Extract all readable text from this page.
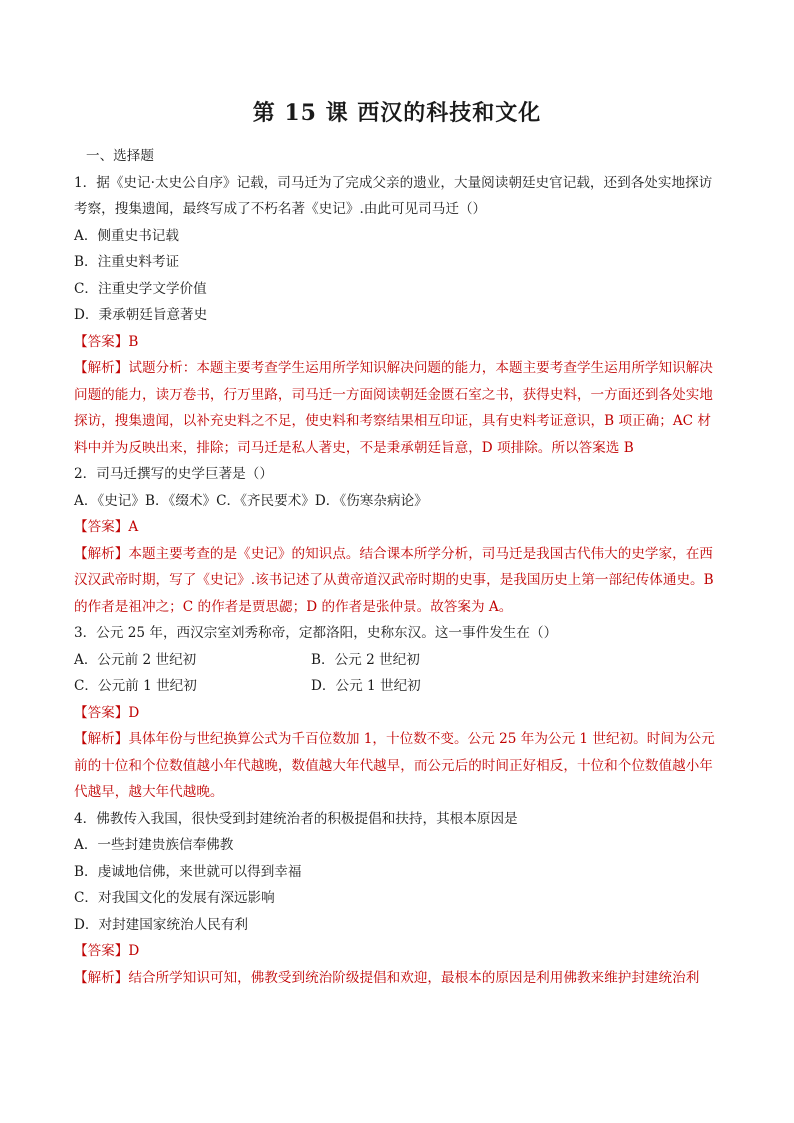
第 15 课 西汉的科技和文化

一、选择题

1．据《史记·太史公自序》记载，司马迁为了完成父亲的遗业，大量阅读朝廷史官记载，还到各处实地探访考察，搜集遗闻，最终写成了不朽名著《史记》.由此可见司马迁（）

A．侧重史书记载

B．注重史料考证

C．注重史学文学价值

D．秉承朝廷旨意著史

【答案】B

【解析】试题分析：本题主要考查学生运用所学知识解决问题的能力，本题主要考查学生运用所学知识解决问题的能力，读万卷书，行万里路，司马迁一方面阅读朝廷金匮石室之书，获得史料，一方面还到各处实地探访，搜集遗闻，以补充史料之不足，使史料和考察结果相互印证，具有史料考证意识，B 项正确；AC 材料中并为反映出来，排除；司马迁是私人著史，不是秉承朝廷旨意，D 项排除。所以答案选 B

2．司马迁撰写的史学巨著是（）

A．《史记》B．《缀术》C．《齐民要术》D．《伤寒杂病论》

【答案】A

【解析】本题主要考查的是《史记》的知识点。结合课本所学分析，司马迁是我国古代伟大的史学家，在西汉汉武帝时期，写了《史记》.该书记述了从黄帝道汉武帝时期的史事，是我国历史上第一部纪传体通史。B 的作者是祖冲之；C 的作者是贾思勰；D 的作者是张仲景。故答案为 A。

3．公元 25 年，西汉宗室刘秀称帝，定都洛阳，史称东汉。这一事件发生在（）

A．公元前 2 世纪初	B．公元 2 世纪初
C．公元前 1 世纪初	D．公元 1 世纪初

【答案】D

【解析】具体年份与世纪换算公式为千百位数加 1，十位数不变。公元 25 年为公元 1 世纪初。时间为公元前的十位和个位数值越小年代越晚，数值越大年代越早，而公元后的时间正好相反，十位和个位数值越小年代越早，越大年代越晚。

4．佛教传入我国，很快受到封建统治者的积极提倡和扶持，其根本原因是

A．一些封建贵族信奉佛教

B．虔诚地信佛，来世就可以得到幸福

C．对我国文化的发展有深远影响

D．对封建国家统治人民有利

【答案】D

【解析】结合所学知识可知，佛教受到统治阶级提倡和欢迎，最根本的原因是利用佛教来维护封建统治利
